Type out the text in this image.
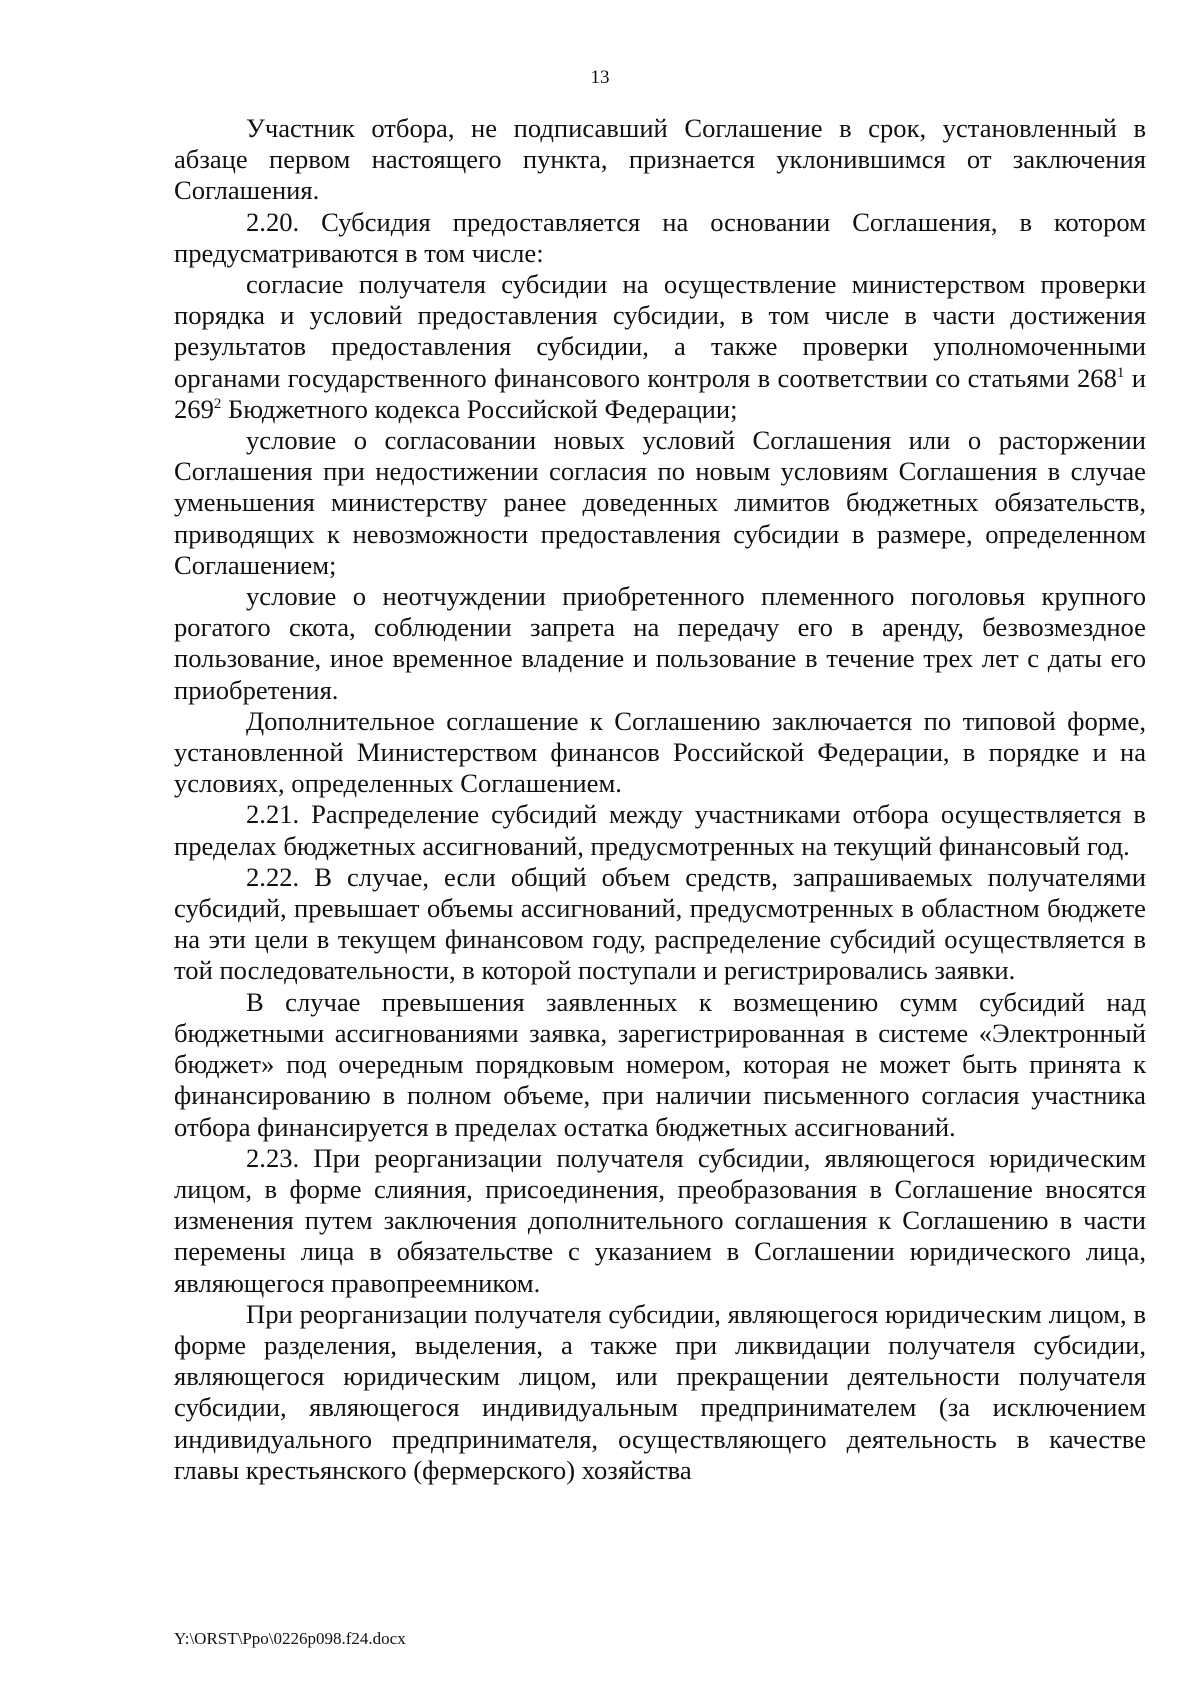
13

Участник отбора, не подписавший Соглашение в срок, установленный в абзаце первом настоящего пункта, признается уклонившимся от заключения Соглашения.

2.20. Субсидия предоставляется на основании Соглашения, в котором предусматриваются в том числе:

согласие получателя субсидии на осуществление министерством проверки порядка и условий предоставления субсидии, в том числе в части достижения результатов предоставления субсидии, а также проверки уполномоченными органами государственного финансового контроля в соответствии со статьями $268^1$ и $269^2$ Бюджетного кодекса Российской Федерации;

условие о согласовании новых условий Соглашения или о расторжении Соглашения при недостижении согласия по новым условиям Соглашения в случае уменьшения министерству ранее доведенных лимитов бюджетных обязательств, приводящих к невозможности предоставления субсидии в размере, определенном Соглашением;

условие о неотчуждении приобретенного племенного поголовья крупного рогатого скота, соблюдении запрета на передачу его в аренду, безвозмездное пользование, иное временное владение и пользование в течение трех лет с даты его приобретения.

Дополнительное соглашение к Соглашению заключается по типовой форме, установленной Министерством финансов Российской Федерации, в порядке и на условиях, определенных Соглашением.

2.21. Распределение субсидий между участниками отбора осуществляется в пределах бюджетных ассигнований, предусмотренных на текущий финансовый год.

2.22. В случае, если общий объем средств, запрашиваемых получателями субсидий, превышает объемы ассигнований, предусмотренных в областном бюджете на эти цели в текущем финансовом году, распределение субсидий осуществляется в той последовательности, в которой поступали и регистрировались заявки.

В случае превышения заявленных к возмещению сумм субсидий над бюджетными ассигнованиями заявка, зарегистрированная в системе «Электронный бюджет» под очередным порядковым номером, которая не может быть принята к финансированию в полном объеме, при наличии письменного согласия участника отбора финансируется в пределах остатка бюджетных ассигнований.

2.23. При реорганизации получателя субсидии, являющегося юридическим лицом, в форме слияния, присоединения, преобразования в Соглашение вносятся изменения путем заключения дополнительного соглашения к Соглашению в части перемены лица в обязательстве с указанием в Соглашении юридического лица, являющегося правопреемником.

При реорганизации получателя субсидии, являющегося юридическим лицом, в форме разделения, выделения, а также при ликвидации получателя субсидии, являющегося юридическим лицом, или прекращении деятельности получателя субсидии, являющегося индивидуальным предпринимателем (за исключением индивидуального предпринимателя, осуществляющего деятельность в качестве главы крестьянского (фермерского) хозяйства

Y:\ORST\Ppo\0226p098.f24.docx
